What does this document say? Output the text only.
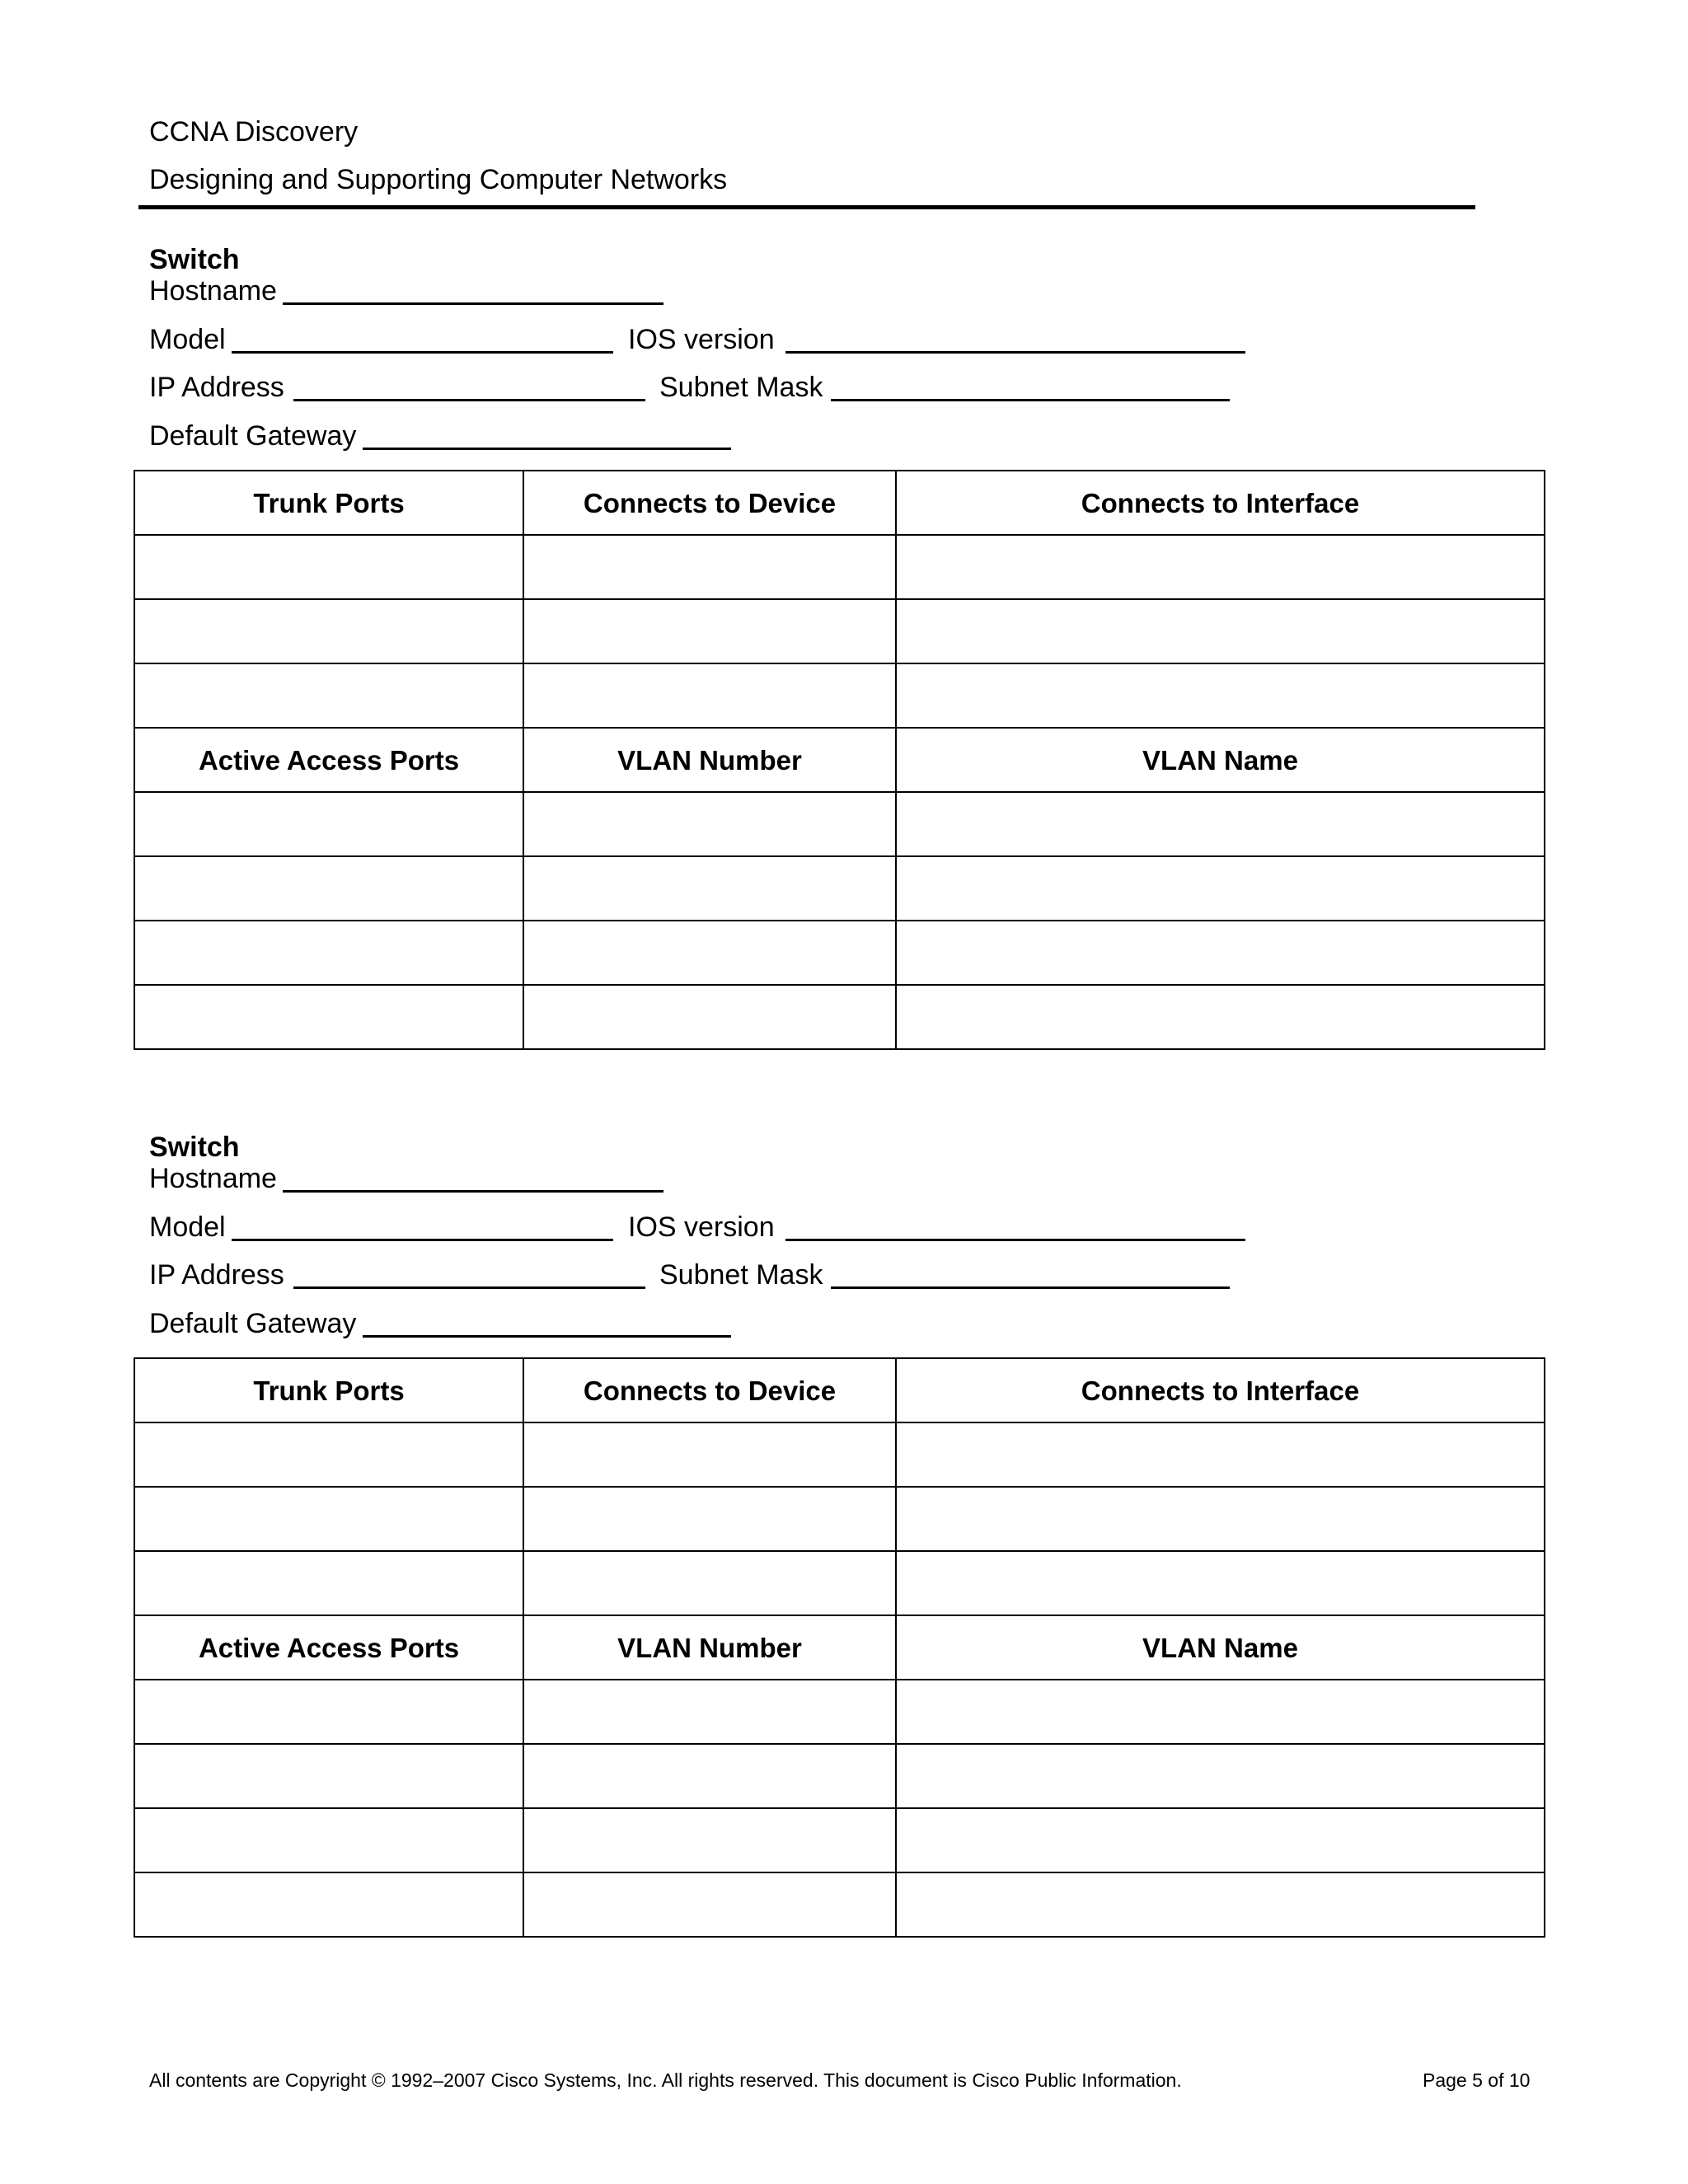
CCNA Discovery
Designing and Supporting Computer Networks
Switch
Hostname
Model	IOS version
IP Address	Subnet Mask
Default Gateway
Trunk Ports	Connects to Device	Connects to Interface

Active Access Ports	VLAN Number	VLAN Name

Switch
Hostname
Model	IOS version
IP Address	Subnet Mask
Default Gateway
Trunk Ports	Connects to Device	Connects to Interface

Active Access Ports	VLAN Number	VLAN Name

All contents are Copyright © 1992–2007 Cisco Systems, Inc. All rights reserved. This document is Cisco Public Information.	Page 5 of 10
